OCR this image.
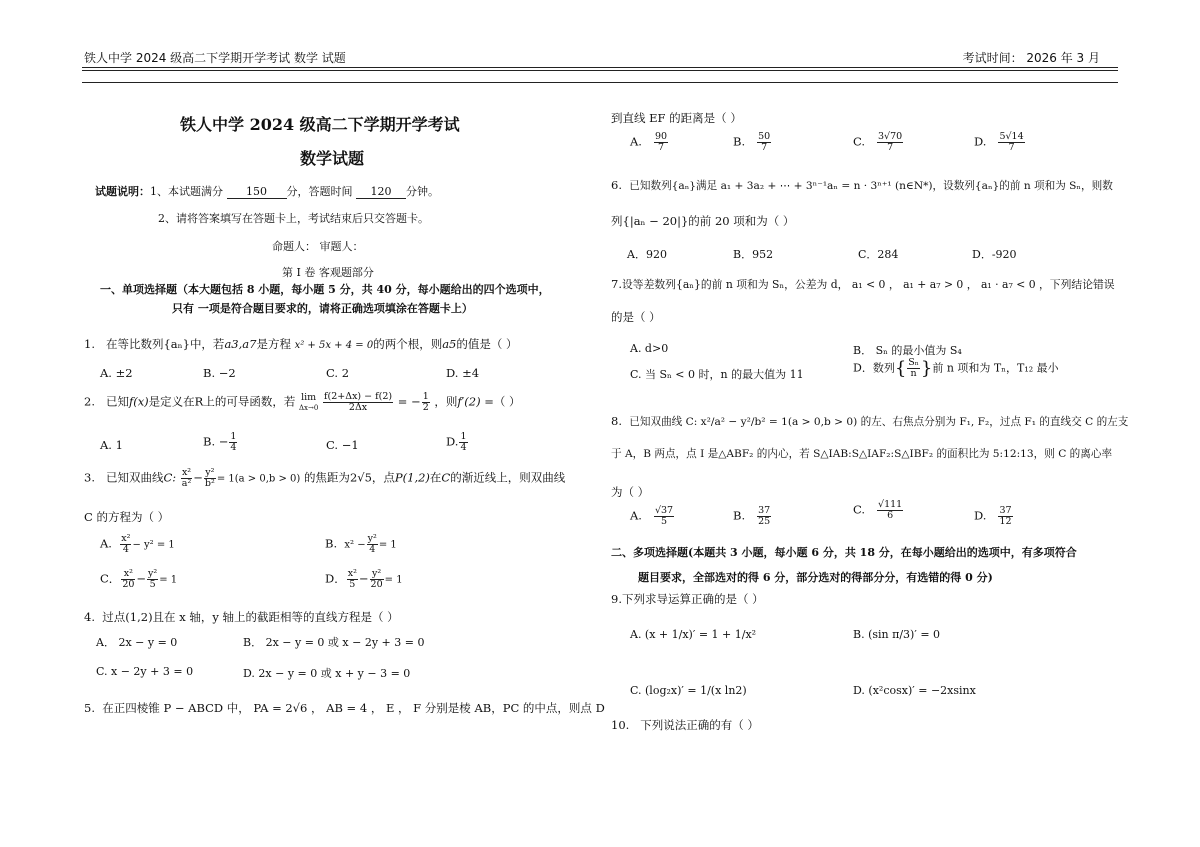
铁人中学 2024 级高二下学期开学考试 数学 试题	考试时间： 2026 年 3 月
铁人中学 2024 级高二下学期开学考试
数学试题
试题说明：1、本试题满分 150 分，答题时间 120 分钟。
2、请将答案填写在答题卡上，考试结束后只交答题卡。
命题人： 审题人：
第 I 卷 客观题部分
一、单项选择题（本大题包括 8 小题，每小题 5 分，共 40 分，每小题给出的四个选项中，
只有 一项是符合题目要求的，请将正确选项填涂在答题卡上）
1. 在等比数列{aₙ}中，若a3,a7是方程 x² + 5x + 4 = 0的两个根，则a5的值是（ ）
A. ±2	B. −2	C. 2	D. ±4
2. 已知f(x)是定义在R上的可导函数，若 lim
Δx→0
$\frac{f(2+\Delta x) - f(2)}{2\Delta x}$ = − $\frac{1}{2}$ ，则f′(2) =（ ）
A. 1	B. − $\frac{1}{4}$	C. −1	D. $\frac{1}{4}$
3. 已知双曲线C: $\frac{\text{x²}}{\text{a²}} - \frac{\text{y²}}{\text{b²}} = 1(a > 0,b > 0)$ 的焦距为2√5，点P(1,2)在C的渐近线上，则双曲线
C 的方程为（ ）
A. $\frac{\text{x²}}{4} - y^2 = 1$	B. $x^2 - \frac{\text{y²}}{4} = 1$
C． $\frac{\text{x²}}{20} - \frac{\text{y²}}{5} = 1$	D． $\frac{\text{x²}}{5} - \frac{\text{y²}}{20} = 1$
4. 过点(1,2)且在 x 轴，y 轴上的截距相等的直线方程是（ ）
A． 2x − y = 0	B． 2x − y = 0 或 x − 2y + 3 = 0
C. x − 2y + 3 = 0	D. 2x − y = 0 或 x + y − 3 = 0
5. 在正四棱锥 P − ABCD 中， PA = 2√6 ， AB = 4 ， E ， F 分别是棱 AB，PC 的中点，则点 D
到直线 EF 的距离是（ ）
A. $\frac{90}{7}$	B. $\frac{50}{7}$	C. $\frac{3√70}{7}$	D. $\frac{5√14}{7}$
6. 已知数列{aₙ}满足 a₁ + 3a₂ + ⋯ + 3ⁿ⁻¹aₙ = n · 3ⁿ⁺¹ (n∈N*)，设数列{aₙ}的前 n 项和为 Sₙ，则数
列{|aₙ − 20|}的前 20 项和为（ ）
A．920	B．952	C．284	D．-920
7.设等差数列{aₙ}的前 n 项和为 Sₙ，公差为 d， a₁ < 0 ， a₁ + a₇ > 0 ， a₁ · a₇ < 0 ，下列结论错误
的是（ ）
A. d>0	B． Sₙ 的最小值为 S₄
C. 当 Sₙ < 0 时，n 的最大值为 11	D．数列{ $\frac{\text{Sₙ}}{n}$ }前 n 项和为 Tₙ，T₁₂ 最小
8. 已知双曲线 C: x²/a² − y²/b² = 1(a > 0,b > 0) 的左、右焦点分别为 F₁, F₂，过点 F₁ 的直线交 C 的左支
于 A，B 两点，点 I 是△ABF₂ 的内心，若 S△IAB:S△IAF₂:S△IBF₂ 的面积比为 5:12:13，则 C 的离心率
为（ ）
A. $\frac{√37}{5}$	B. $\frac{37}{25}$	C. $\frac{√111}{6}$	D. $\frac{37}{12}$
二、多项选择题(本题共 3 小题，每小题 6 分，共 18 分，在每小题给出的选项中，有多项符合
题目要求，全部选对的得 6 分，部分选对的得部分分，有选错的得 0 分)
9.下列求导运算正确的是（ ）
A. (x + 1/x)′ = 1 + 1/x²	B. (sin π/3)′ = 0
C. (log₂x)′ = 1/(x ln2)	D. (x²cosx)′ = −2xsinx
10. 下列说法正确的有（ ）
